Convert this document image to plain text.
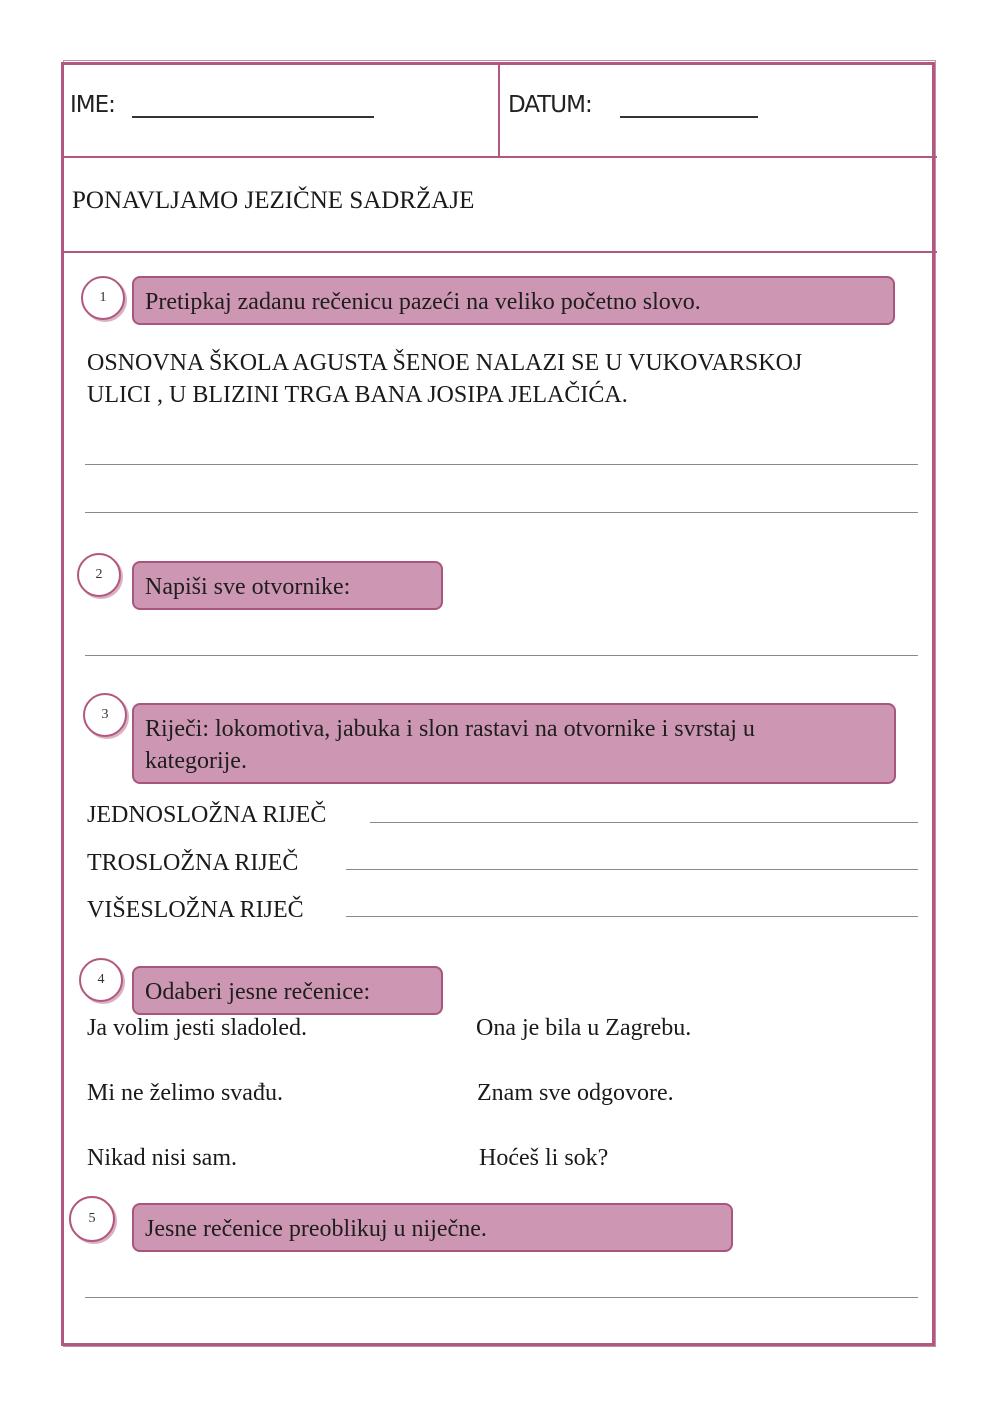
IME:	DATUM:
PONAVLJAMO JEZIČNE SADRŽAJE
1	Pretipkaj zadanu rečenicu pazeći na veliko početno slovo.
OSNOVNA ŠKOLA AGUSTA ŠENOE NALAZI SE U VUKOVARSKOJ
ULICI , U BLIZINI TRGA BANA JOSIPA JELAČIĆA.
2	Napiši sve otvornike:
3
Riječi: lokomotiva, jabuka i slon rastavi na otvornike i svrstaj u
kategorije.
JEDNOSLOŽNA RIJEČ
TROSLOŽNA RIJEČ
VIŠESLOŽNA RIJEČ
4	Odaberi jesne rečenice:
Ja volim jesti sladoled.	Ona je bila u Zagrebu.
Mi ne želimo svađu.	Znam sve odgovore.
Nikad nisi sam.	Hoćeš li sok?
5	Jesne rečenice preoblikuj u niječne.
